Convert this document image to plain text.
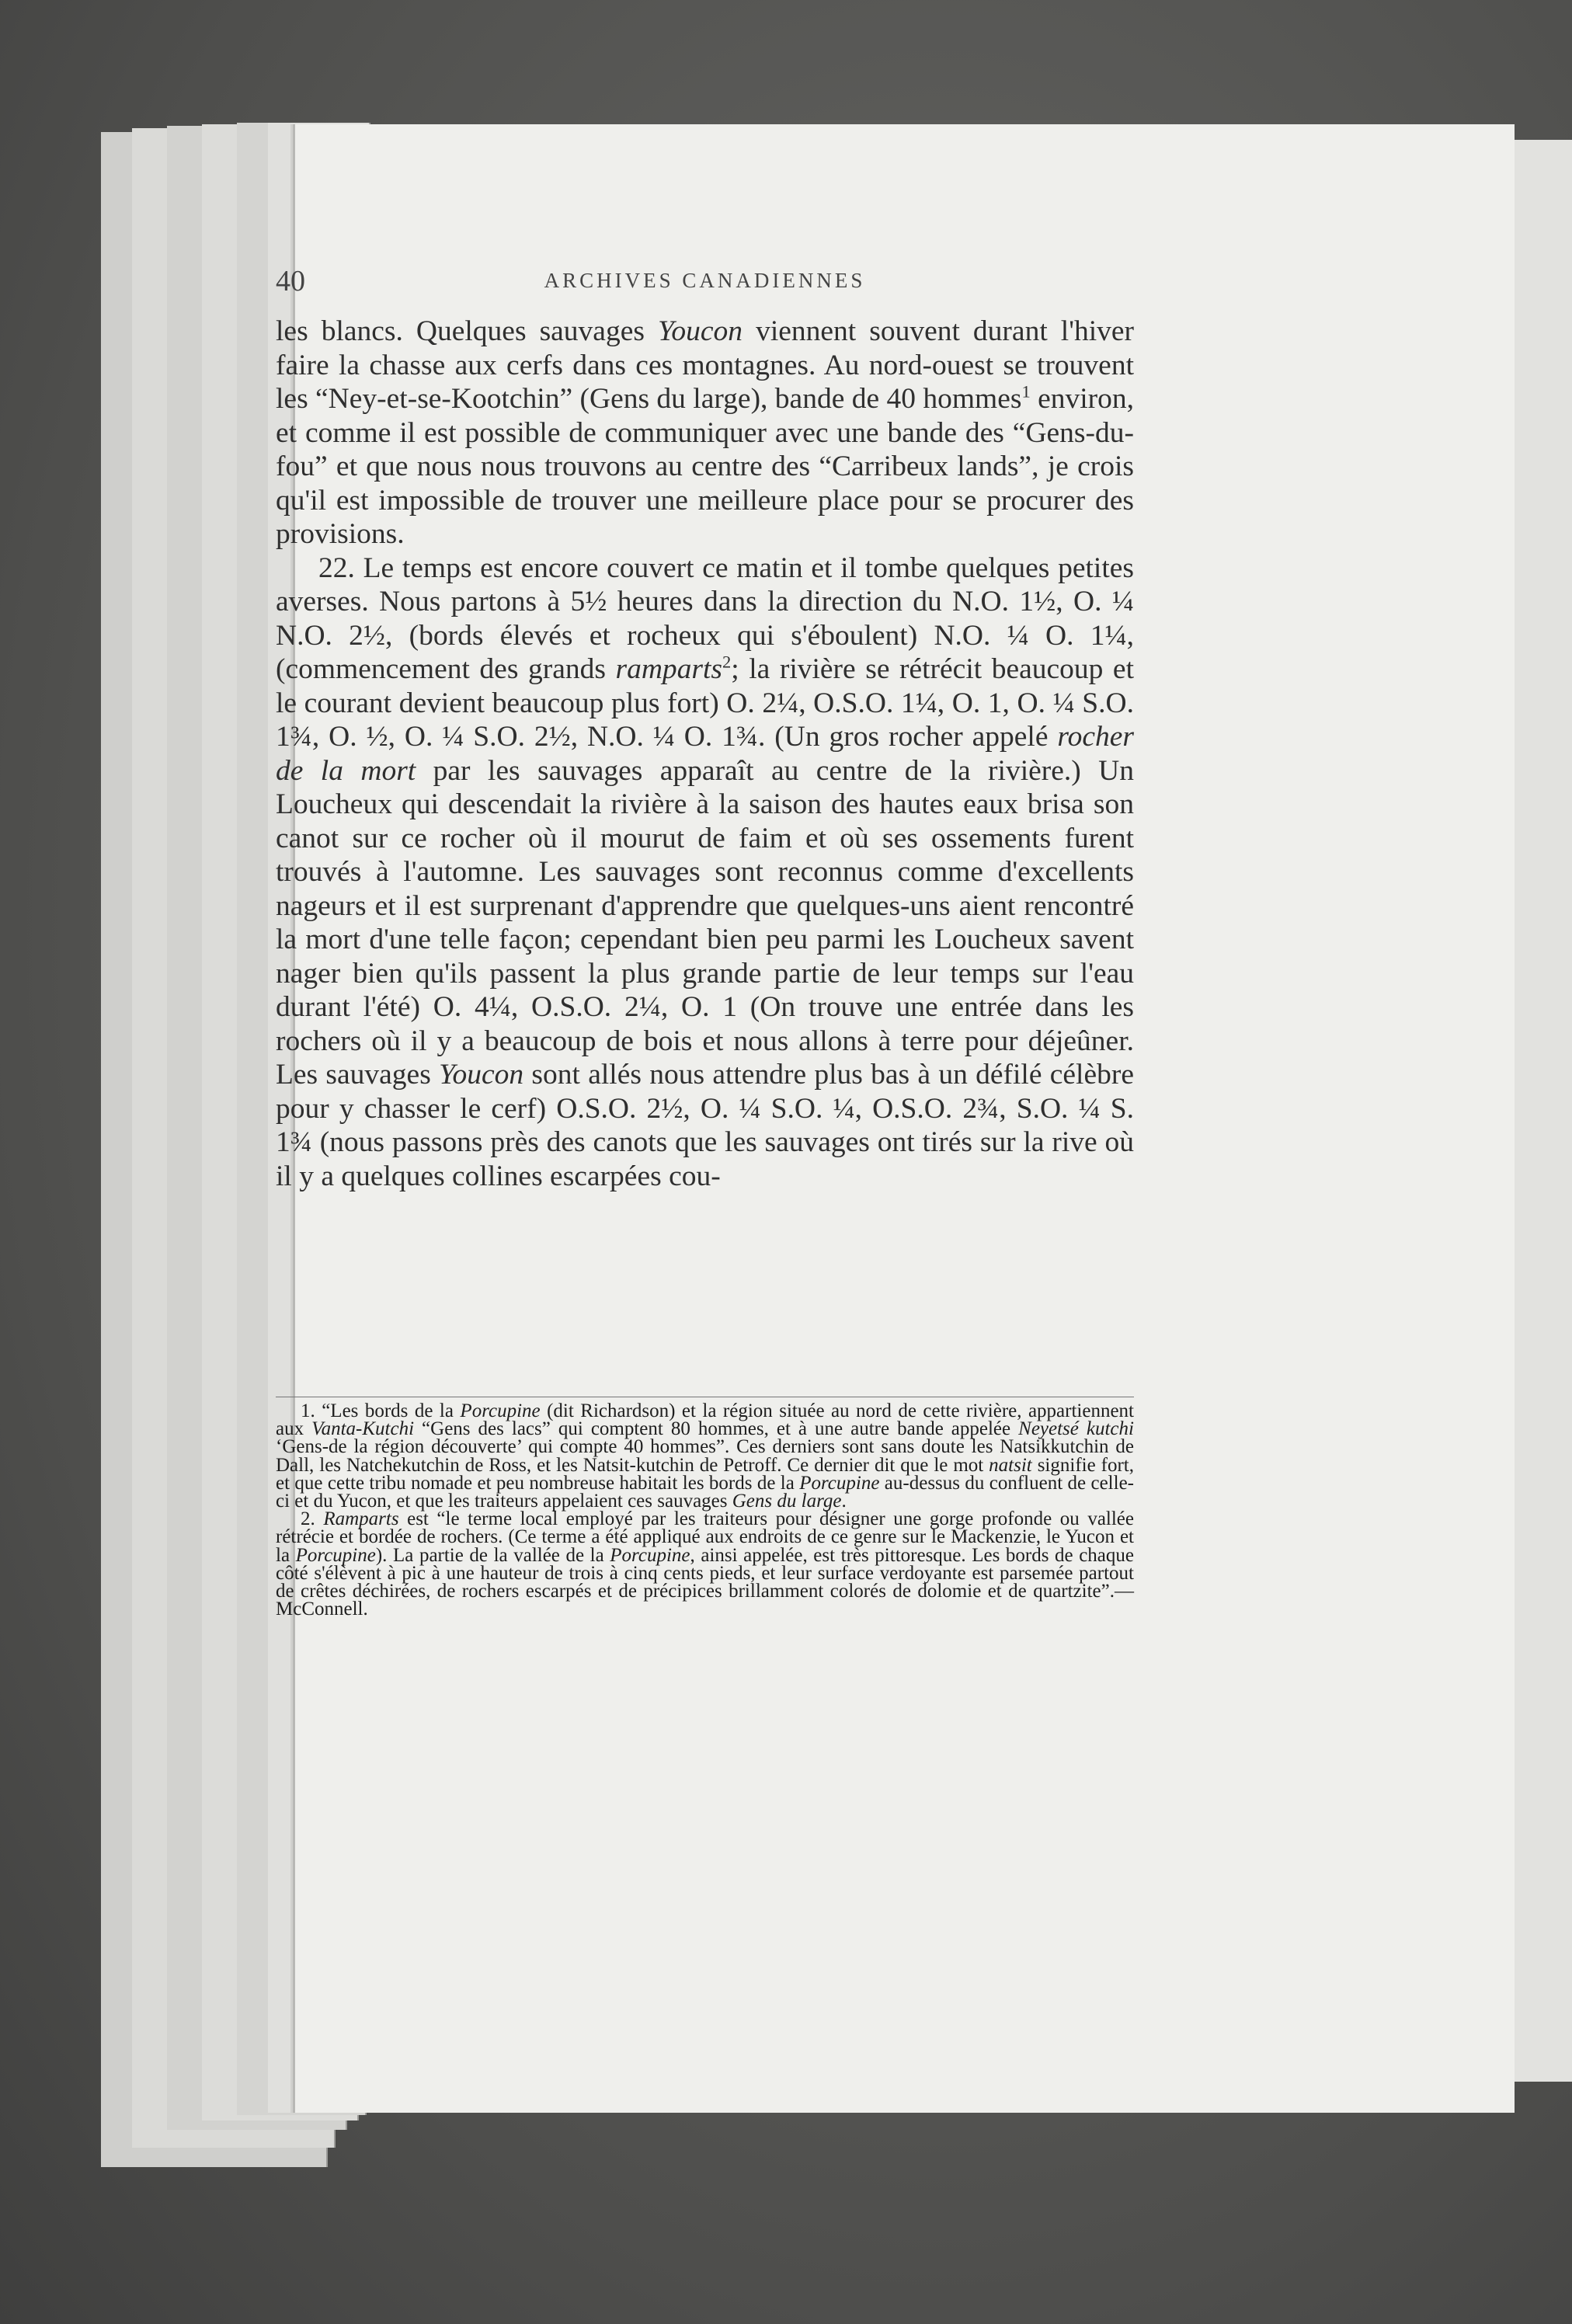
40	ARCHIVES CANADIENNES

les blancs. Quelques sauvages Youcon viennent souvent durant l'hiver faire la chasse aux cerfs dans ces montagnes. Au nord-ouest se trouvent les “Ney-et-se-Kootchin” (Gens du large), bande de 40 hommes$^1$ environ, et comme il est possible de communiquer avec une bande des “Gens-du-fou” et que nous nous trouvons au centre des “Carribeux lands”, je crois qu'il est impossible de trouver une meilleure place pour se procurer des provisions.

22. Le temps est encore couvert ce matin et il tombe quelques petites averses. Nous partons à 5½ heures dans la direction du N.O. 1½, O. ¼ N.O. 2½, (bords élevés et rocheux qui s'éboulent) N.O. ¼ O. 1¼, (commencement des grands ramparts$^2$; la rivière se rétrécit beaucoup et le courant devient beaucoup plus fort) O. 2¼, O.S.O. 1¼, O. 1, O. ¼ S.O. 1¾, O. ½, O. ¼ S.O. 2½, N.O. ¼ O. 1¾. (Un gros rocher appelé rocher de la mort par les sauvages apparaît au centre de la rivière.) Un Loucheux qui descendait la rivière à la saison des hautes eaux brisa son canot sur ce rocher où il mourut de faim et où ses ossements furent trouvés à l'automne. Les sauvages sont reconnus comme d'excellents nageurs et il est surprenant d'apprendre que quelques-uns aient rencontré la mort d'une telle façon; cependant bien peu parmi les Loucheux savent nager bien qu'ils passent la plus grande partie de leur temps sur l'eau durant l'été) O. 4¼, O.S.O. 2¼, O. 1 (On trouve une entrée dans les rochers où il y a beaucoup de bois et nous allons à terre pour déjeûner. Les sauvages Youcon sont allés nous attendre plus bas à un défilé célèbre pour y chasser le cerf) O.S.O. 2½, O. ¼ S.O. ¼, O.S.O. 2¾, S.O. ¼ S. 1¾ (nous passons près des canots que les sauvages ont tirés sur la rive où il y a quelques collines escarpées cou-

1. “Les bords de la Porcupine (dit Richardson) et la région située au nord de cette rivière, appartiennent aux Vanta-Kutchi “Gens des lacs” qui comptent 80 hommes, et à une autre bande appelée Neyetsé kutchi ‘Gens-de la région découverte’ qui compte 40 hommes”. Ces derniers sont sans doute les Natsikkutchin de Dall, les Natchekutchin de Ross, et les Natsit-kutchin de Petroff. Ce dernier dit que le mot natsit signifie fort, et que cette tribu nomade et peu nombreuse habitait les bords de la Porcupine au-dessus du confluent de celle-ci et du Yucon, et que les traiteurs appelaient ces sauvages Gens du large.

2. Ramparts est “le terme local employé par les traiteurs pour désigner une gorge profonde ou vallée rétrécie et bordée de rochers. (Ce terme a été appliqué aux endroits de ce genre sur le Mackenzie, le Yucon et la Porcupine). La partie de la vallée de la Porcupine, ainsi appelée, est très pittoresque. Les bords de chaque côté s'élèvent à pic à une hauteur de trois à cinq cents pieds, et leur surface verdoyante est parsemée partout de crêtes déchirées, de rochers escarpés et de précipices brillamment colorés de dolomie et de quartzite”.—McConnell.
